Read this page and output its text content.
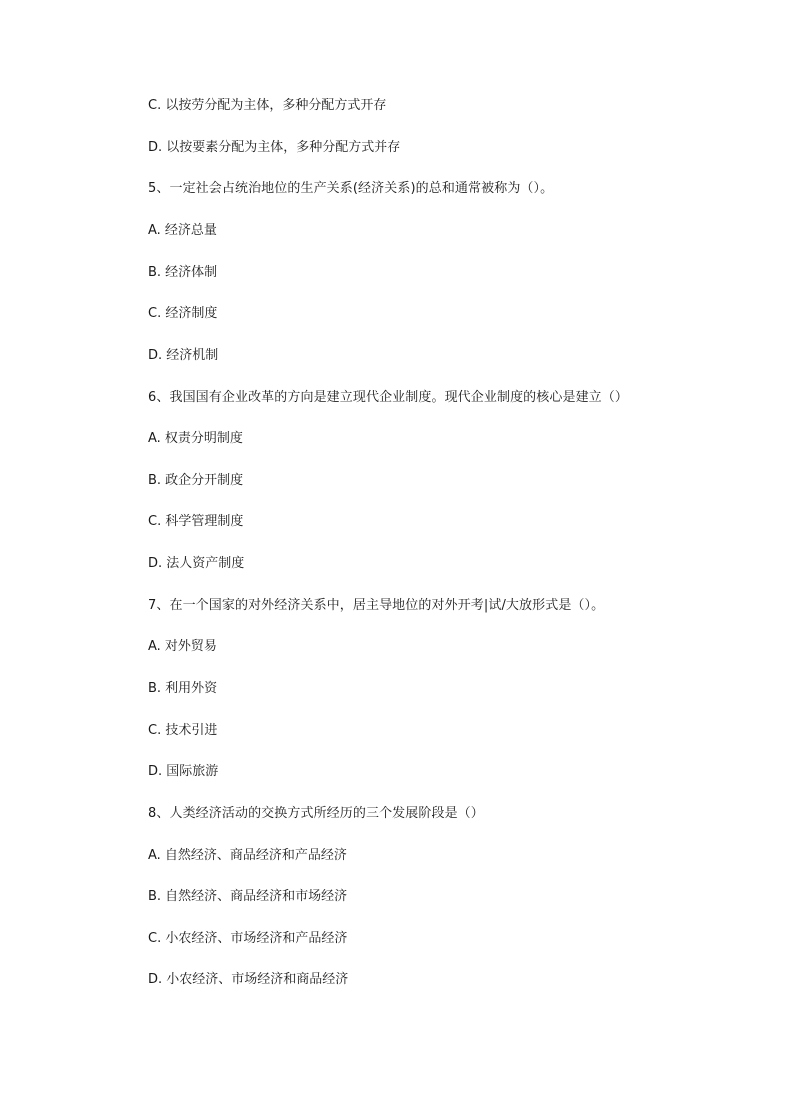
C. 以按劳分配为主体，多种分配方式开存
D. 以按要素分配为主体，多种分配方式并存
5、一定社会占统治地位的生产关系(经济关系)的总和通常被称为（）。
A. 经济总量
B. 经济体制
C. 经济制度
D. 经济机制
6、我国国有企业改革的方向是建立现代企业制度。现代企业制度的核心是建立（）
A. 权责分明制度
B. 政企分开制度
C. 科学管理制度
D. 法人资产制度
7、在一个国家的对外经济关系中，居主导地位的对外开考|试/大放形式是（）。
A. 对外贸易
B. 利用外资
C. 技术引进
D. 国际旅游
8、人类经济活动的交换方式所经历的三个发展阶段是（）
A. 自然经济、商品经济和产品经济
B. 自然经济、商品经济和市场经济
C. 小农经济、市场经济和产品经济
D. 小农经济、市场经济和商品经济
